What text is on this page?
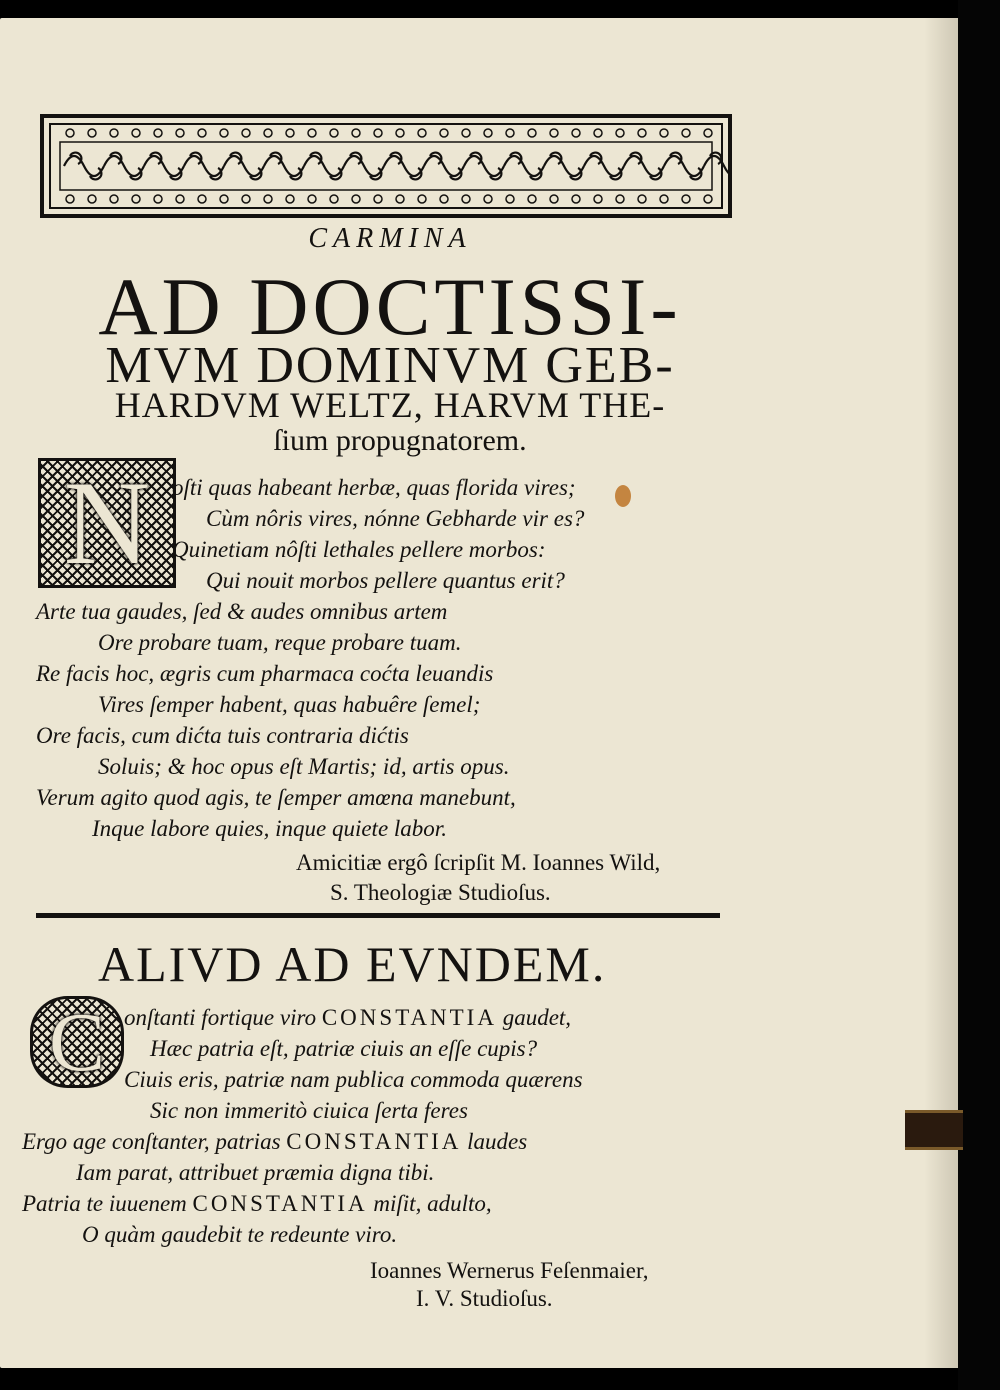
CARMINA
AD DOCTISSI-
MVM DOMINVM GEB-
HARDVM WELTZ, HARVM THE-
ſium propugnatorem.
N oſti quas habeant herbæ, quas florida vires;
Cùm nôris vires, nónne Gebharde vir es?
Quinetiam nôſti lethales pellere morbos:
Qui nouit morbos pellere quantus erit?
Arte tua gaudes, ſed & audes omnibus artem
Ore probare tuam, reque probare tuam.
Re facis hoc, ægris cum pharmaca coćta leuandis
Vires ſemper habent, quas habuêre ſemel;
Ore facis, cum dićta tuis contraria dićtis
Soluis; & hoc opus eſt Martis; id, artis opus.
Verum agito quod agis, te ſemper amœna manebunt,
Inque labore quies, inque quiete labor.
Amicitiæ ergô ſcripſit M. Ioannes Wild,
S. Theologiæ Studioſus.
ALIVD AD EVNDEM.
C onſtanti fortique viro CONSTANTIA gaudet,
Hæc patria eſt, patriæ ciuis an eſſe cupis?
Ciuis eris, patriæ nam publica commoda quærens
Sic non immeritò ciuica ſerta feres
Ergo age conſtanter, patrias CONSTANTIA laudes
Iam parat, attribuet præmia digna tibi.
Patria te iuuenem CONSTANTIA miſit, adulto,
O quàm gaudebit te redeunte viro.
Ioannes Wernerus Feſenmaier,
I. V. Studioſus.
